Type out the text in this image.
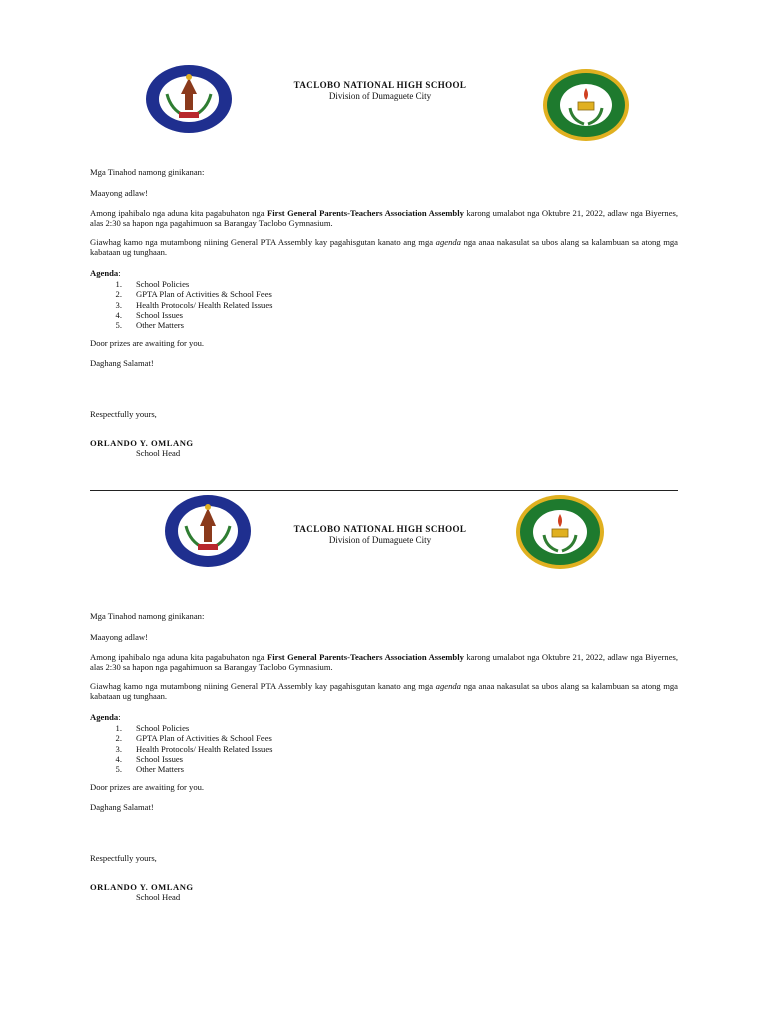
TACLOBO NATIONAL HIGH SCHOOL
Division of Dumaguete City

Mga Tinahod namong ginikanan:

Maayong adlaw!

Among ipahibalo nga aduna kita pagabuhaton nga First General Parents-Teachers Association Assembly karong umalabot nga Oktubre 21, 2022, adlaw nga Biyernes, alas 2:30 sa hapon nga pagahimuon sa Barangay Taclobo Gymnasium.

Giawhag kamo nga mutambong niining General PTA Assembly kay pagahisgutan kanato ang mga agenda nga anaa nakasulat sa ubos alang sa kalambuan sa atong mga kabataan ug tunghaan.

Agenda:

1. School Policies
2. GPTA Plan of Activities & School Fees
3. Health Protocols/ Health Related Issues
4. School Issues
5. Other Matters

Door prizes are awaiting for you.

Daghang Salamat!

Respectfully yours,

ORLANDO Y. OMLANG

School Head

TACLOBO NATIONAL HIGH SCHOOL
Division of Dumaguete City

Mga Tinahod namong ginikanan:

Maayong adlaw!

Among ipahibalo nga aduna kita pagabuhaton nga First General Parents-Teachers Association Assembly karong umalabot nga Oktubre 21, 2022, adlaw nga Biyernes, alas 2:30 sa hapon nga pagahimuon sa Barangay Taclobo Gymnasium.

Giawhag kamo nga mutambong niining General PTA Assembly kay pagahisgutan kanato ang mga agenda nga anaa nakasulat sa ubos alang sa kalambuan sa atong mga kabataan ug tunghaan.

Agenda:

1. School Policies
2. GPTA Plan of Activities & School Fees
3. Health Protocols/ Health Related Issues
4. School Issues
5. Other Matters

Door prizes are awaiting for you.

Daghang Salamat!

Respectfully yours,

ORLANDO Y. OMLANG

School Head
